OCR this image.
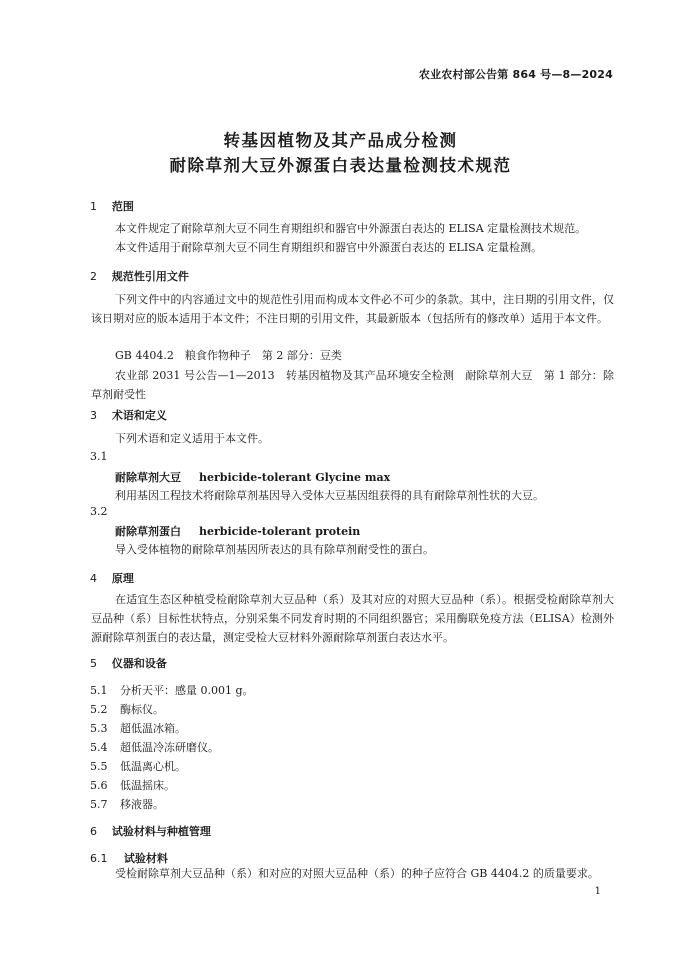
农业农村部公告第 864 号—8—2024
转基因植物及其产品成分检测
耐除草剂大豆外源蛋白表达量检测技术规范
1 范围
本文件规定了耐除草剂大豆不同生育期组织和器官中外源蛋白表达的 ELISA 定量检测技术规范。
本文件适用于耐除草剂大豆不同生育期组织和器官中外源蛋白表达的 ELISA 定量检测。
2 规范性引用文件
下列文件中的内容通过文中的规范性引用而构成本文件必不可少的条款。其中，注日期的引用文件，仅该日期对应的版本适用于本文件；不注日期的引用文件，其最新版本（包括所有的修改单）适用于本文件。
GB 4404.2　粮食作物种子　第 2 部分：豆类
农业部 2031 号公告—1—2013　转基因植物及其产品环境安全检测　耐除草剂大豆　第 1 部分：除草剂耐受性
3 术语和定义
下列术语和定义适用于本文件。
3.1
耐除草剂大豆 herbicide-tolerant Glycine max
利用基因工程技术将耐除草剂基因导入受体大豆基因组获得的具有耐除草剂性状的大豆。
3.2
耐除草剂蛋白 herbicide-tolerant protein
导入受体植物的耐除草剂基因所表达的具有除草剂耐受性的蛋白。
4 原理
在适宜生态区种植受检耐除草剂大豆品种（系）及其对应的对照大豆品种（系）。根据受检耐除草剂大豆品种（系）目标性状特点，分别采集不同发育时期的不同组织器官；采用酶联免疫方法（ELISA）检测外源耐除草剂蛋白的表达量，测定受检大豆材料外源耐除草剂蛋白表达水平。
5 仪器和设备
5.1 分析天平：感量 0.001 g。
5.2 酶标仪。
5.3 超低温冰箱。
5.4 超低温冷冻研磨仪。
5.5 低温离心机。
5.6 低温摇床。
5.7 移液器。
6 试验材料与种植管理
6.1 试验材料
受检耐除草剂大豆品种（系）和对应的对照大豆品种（系）的种子应符合 GB 4404.2 的质量要求。
1
